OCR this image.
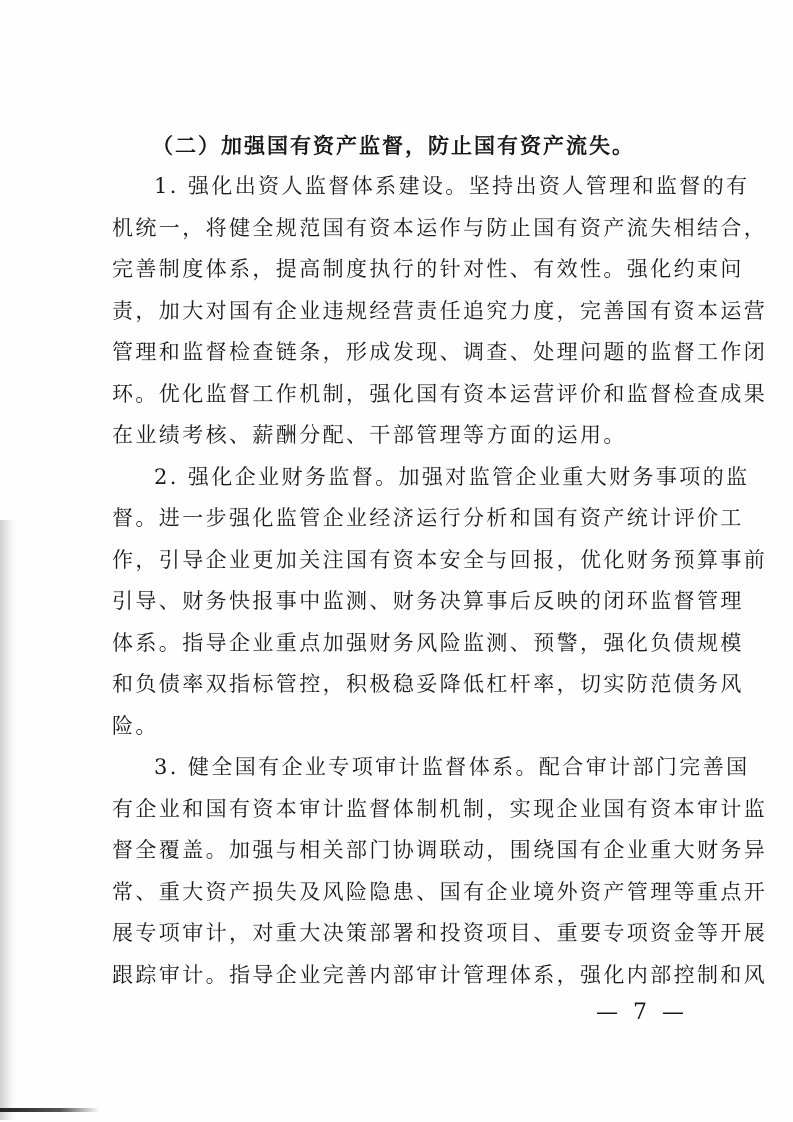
（二）加强国有资产监督，防止国有资产流失。

1. 强化出资人监督体系建设。坚持出资人管理和监督的有
机统一，将健全规范国有资本运作与防止国有资产流失相结合，
完善制度体系，提高制度执行的针对性、有效性。强化约束问
责，加大对国有企业违规经营责任追究力度，完善国有资本运营
管理和监督检查链条，形成发现、调查、处理问题的监督工作闭
环。优化监督工作机制，强化国有资本运营评价和监督检查成果
在业绩考核、薪酬分配、干部管理等方面的运用。
2. 强化企业财务监督。加强对监管企业重大财务事项的监
督。进一步强化监管企业经济运行分析和国有资产统计评价工
作，引导企业更加关注国有资本安全与回报，优化财务预算事前
引导、财务快报事中监测、财务决算事后反映的闭环监督管理
体系。指导企业重点加强财务风险监测、预警，强化负债规模
和负债率双指标管控，积极稳妥降低杠杆率，切实防范债务风
险。
3. 健全国有企业专项审计监督体系。配合审计部门完善国
有企业和国有资本审计监督体制机制，实现企业国有资本审计监
督全覆盖。加强与相关部门协调联动，围绕国有企业重大财务异
常、重大资产损失及风险隐患、国有企业境外资产管理等重点开
展专项审计，对重大决策部署和投资项目、重要专项资金等开展
跟踪审计。指导企业完善内部审计管理体系，强化内部控制和风
— 7 —
